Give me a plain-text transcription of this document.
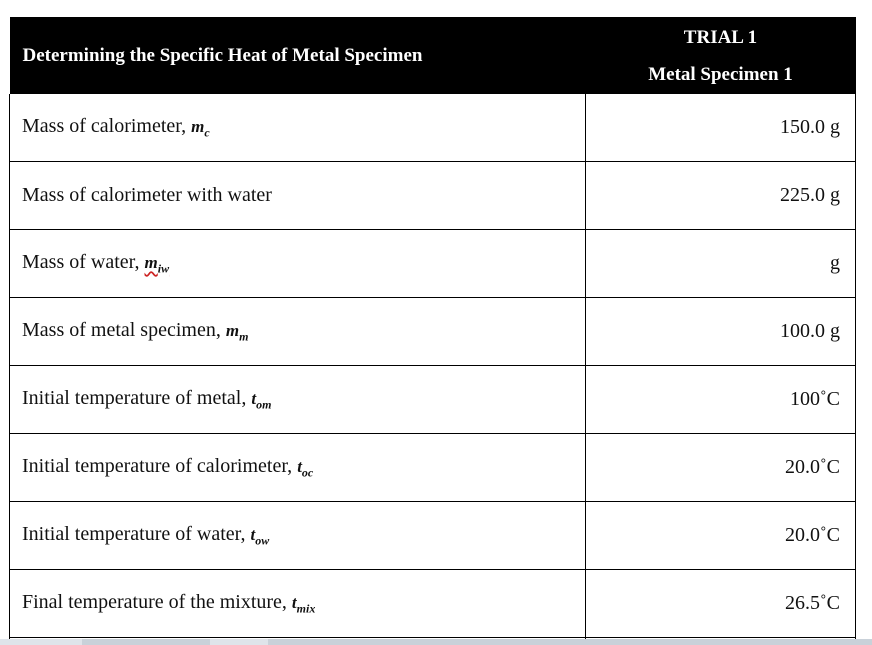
Determining the Specific Heat of Metal Specimen	TRIAL 1
Metal Specimen 1

Mass of calorimeter, $m_c$	150.0 g
Mass of calorimeter with water	225.0 g
Mass of water, $m_{iw}$	g
Mass of metal specimen, $m_m$	100.0 g
Initial temperature of metal, $t_{om}$	100˚C
Initial temperature of calorimeter, $t_{oc}$	20.0˚C
Initial temperature of water, $t_{ow}$	20.0˚C
Final temperature of the mixture, $t_{mix}$	26.5˚C
